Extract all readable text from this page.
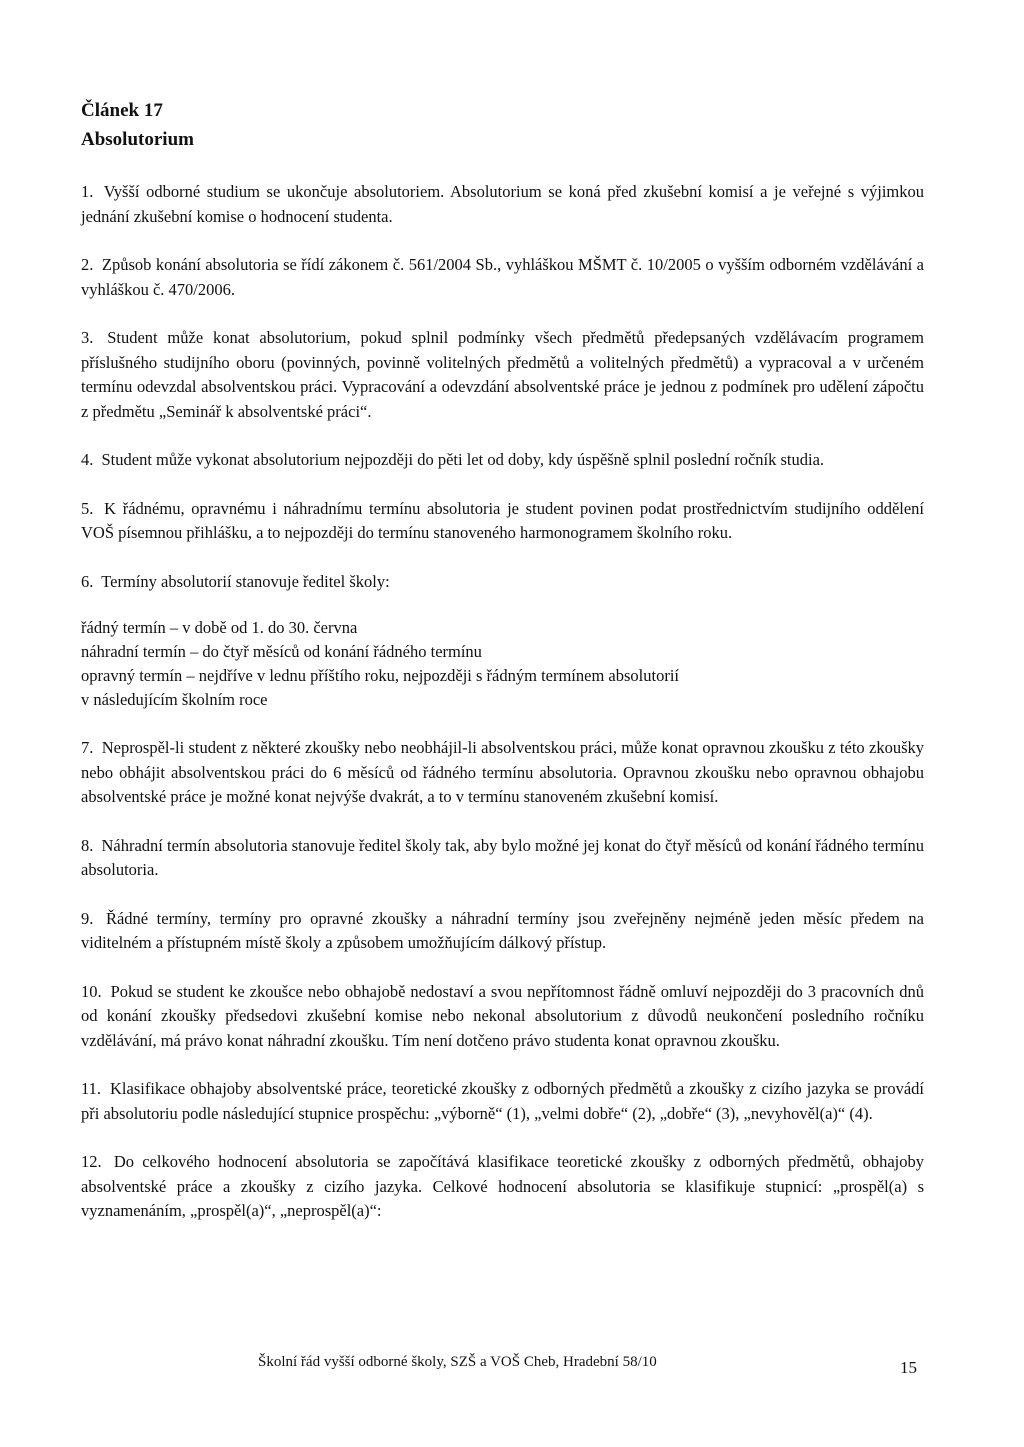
Článek 17

Absolutorium

1. Vyšší odborné studium se ukončuje absolutoriem. Absolutorium se koná před zkušební komisí a je veřejné s výjimkou jednání zkušební komise o hodnocení studenta.

2. Způsob konání absolutoria se řídí zákonem č. 561/2004 Sb., vyhláškou MŠMT č. 10/2005 o vyšším odborném vzdělávání a vyhláškou č. 470/2006.

3. Student může konat absolutorium, pokud splnil podmínky všech předmětů předepsaných vzdělávacím programem příslušného studijního oboru (povinných, povinně volitelných předmětů a volitelných předmětů) a vypracoval a v určeném termínu odevzdal absolventskou práci. Vypracování a odevzdání absolventské práce je jednou z podmínek pro udělení zápočtu z předmětu „Seminář k absolventské práci“.

4. Student může vykonat absolutorium nejpozději do pěti let od doby, kdy úspěšně splnil poslední ročník studia.

5. K řádnému, opravnému i náhradnímu termínu absolutoria je student povinen podat prostřednictvím studijního oddělení VOŠ písemnou přihlášku, a to nejpozději do termínu stanoveného harmonogramem školního roku.

6. Termíny absolutorií stanovuje ředitel školy:

řádný termín – v době od 1. do 30. června

náhradní termín – do čtyř měsíců od konání řádného termínu

opravný termín – nejdříve v lednu příštího roku, nejpozději s řádným termínem absolutorií

v následujícím školním roce

7. Neprospěl-li student z některé zkoušky nebo neobhájil-li absolventskou práci, může konat opravnou zkoušku z této zkoušky nebo obhájit absolventskou práci do 6 měsíců od řádného termínu absolutoria. Opravnou zkoušku nebo opravnou obhajobu absolventské práce je možné konat nejvýše dvakrát, a to v termínu stanoveném zkušební komisí.

8. Náhradní termín absolutoria stanovuje ředitel školy tak, aby bylo možné jej konat do čtyř měsíců od konání řádného termínu absolutoria.

9. Řádné termíny, termíny pro opravné zkoušky a náhradní termíny jsou zveřejněny nejméně jeden měsíc předem na viditelném a přístupném místě školy a způsobem umožňujícím dálkový přístup.

10. Pokud se student ke zkoušce nebo obhajobě nedostaví a svou nepřítomnost řádně omluví nejpozději do 3 pracovních dnů od konání zkoušky předsedovi zkušební komise nebo nekonal absolutorium z důvodů neukončení posledního ročníku vzdělávání, má právo konat náhradní zkoušku. Tím není dotčeno právo studenta konat opravnou zkoušku.

11. Klasifikace obhajoby absolventské práce, teoretické zkoušky z odborných předmětů a zkoušky z cizího jazyka se provádí při absolutoriu podle následující stupnice prospěchu: „výborně“ (1), „velmi dobře“ (2), „dobře“ (3), „nevyhověl(a)“ (4).

12. Do celkového hodnocení absolutoria se započítává klasifikace teoretické zkoušky z odborných předmětů, obhajoby absolventské práce a zkoušky z cizího jazyka. Celkové hodnocení absolutoria se klasifikuje stupnicí: „prospěl(a) s vyznamenáním, „prospěl(a)“, „neprospěl(a)“:

Školní řád vyšší odborné školy, SZŠ a VOŠ Cheb, Hradební 58/10	15
